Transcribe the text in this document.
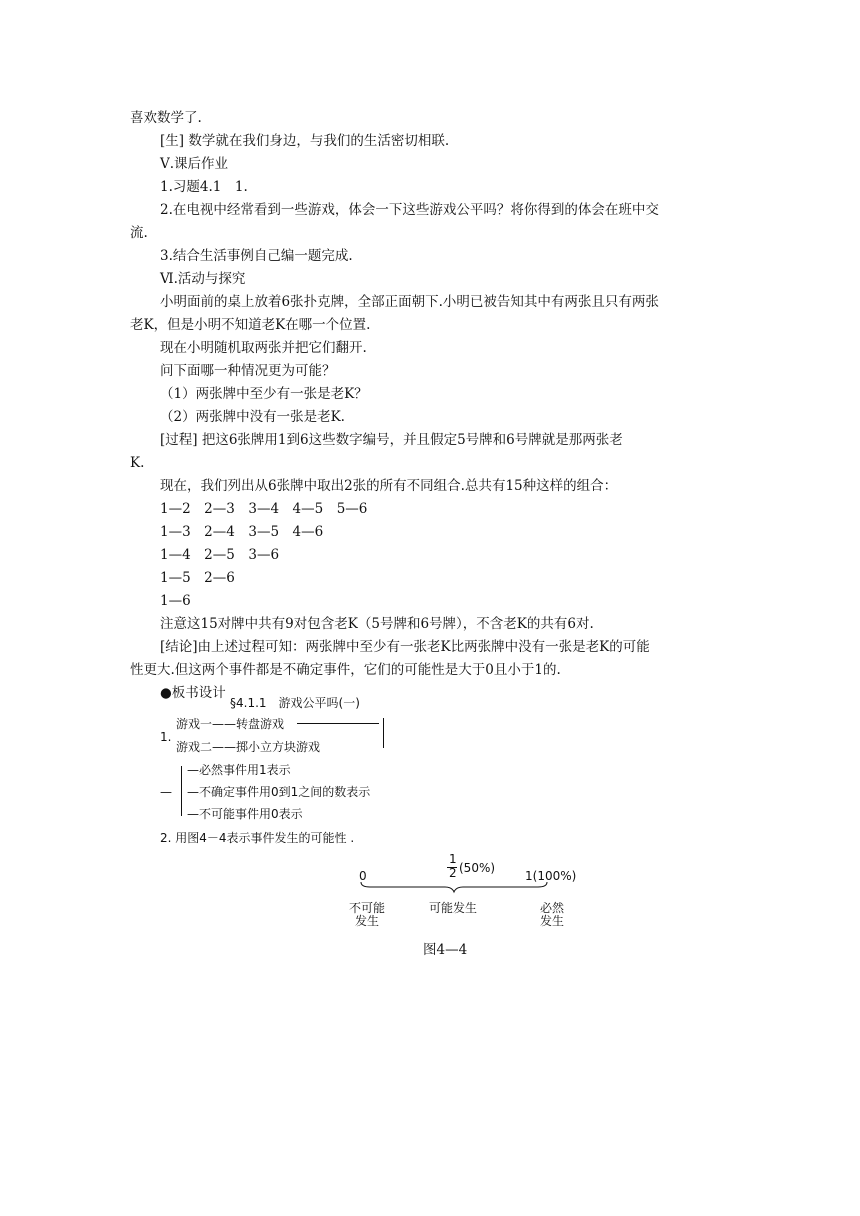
喜欢数学了.
[生] 数学就在我们身边，与我们的生活密切相联.
Ⅴ.课后作业
1.习题4.1　1.
2.在电视中经常看到一些游戏，体会一下这些游戏公平吗？将你得到的体会在班中交
流.
3.结合生活事例自己编一题完成.
Ⅵ.活动与探究
小明面前的桌上放着6张扑克牌，全部正面朝下.小明已被告知其中有两张且只有两张
老K，但是小明不知道老K在哪一个位置.
现在小明随机取两张并把它们翻开.
问下面哪一种情况更为可能？
（1）两张牌中至少有一张是老K？
（2）两张牌中没有一张是老K.
[过程] 把这6张牌用1到6这些数字编号，并且假定5号牌和6号牌就是那两张老
K.
现在，我们列出从6张牌中取出2张的所有不同组合.总共有15种这样的组合：
1—2　2—3　3—4　4—5　5—6
1—3　2—4　3—5　4—6
1—4　2—5　3—6
1—5　2—6
1—6
注意这15对牌中共有9对包含老K（5号牌和6号牌），不含老K的共有6对.
[结论]由上述过程可知：两张牌中至少有一张老K比两张牌中没有一张是老K的可能
性更大.但这两个事件都是不确定事件，它们的可能性是大于0且小于1的.
●板书设计
§4.1.1　游戏公平吗(一)
1.
游戏一——转盘游戏
游戏二——掷小立方块游戏
—
—必然事件用1表示
—不确定事件用0到1之间的数表示
—不可能事件用0表示
2. 用图4－4表示事件发生的可能性 .
0
1
2 (50%)
1(100%)
不可能
发生
可能发生	必然
发生
图4—4
